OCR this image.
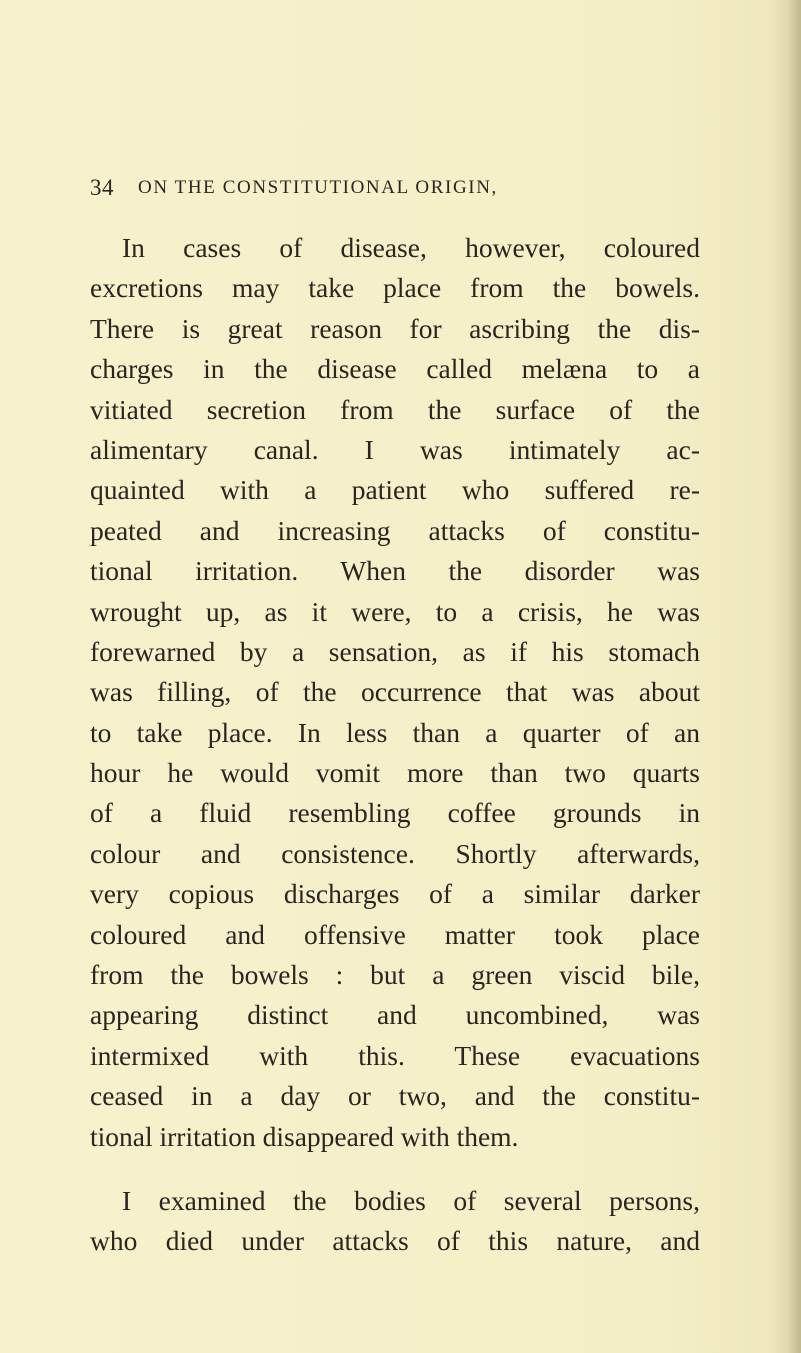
34 ON THE CONSTITUTIONAL ORIGIN,
In cases of disease, however, coloured
excretions may take place from the bowels.
There is great reason for ascribing the dis-
charges in the disease called melæna to a
vitiated secretion from the surface of the
alimentary canal. I was intimately ac-
quainted with a patient who suffered re-
peated and increasing attacks of constitu-
tional irritation. When the disorder was
wrought up, as it were, to a crisis, he was
forewarned by a sensation, as if his stomach
was filling, of the occurrence that was about
to take place. In less than a quarter of an
hour he would vomit more than two quarts
of a fluid resembling coffee grounds in
colour and consistence. Shortly afterwards,
very copious discharges of a similar darker
coloured and offensive matter took place
from the bowels : but a green viscid bile,
appearing distinct and uncombined, was
intermixed with this. These evacuations
ceased in a day or two, and the constitu-
tional irritation disappeared with them.
I examined the bodies of several persons,
who died under attacks of this nature, and
